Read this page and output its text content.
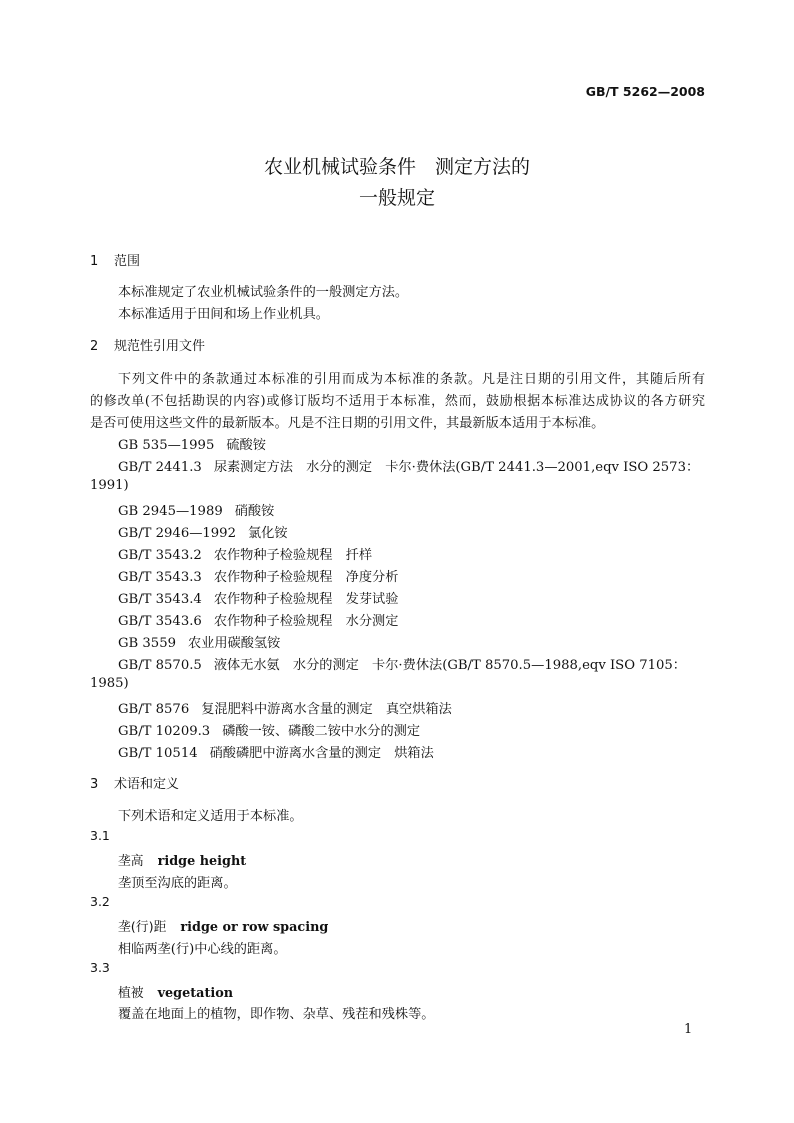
GB/T 5262—2008
农业机械试验条件　测定方法的
一般规定
1 范围
本标准规定了农业机械试验条件的一般测定方法。
本标准适用于田间和场上作业机具。
2 规范性引用文件
下列文件中的条款通过本标准的引用而成为本标准的条款。凡是注日期的引用文件，其随后所有
的修改单(不包括勘误的内容)或修订版均不适用于本标准，然而，鼓励根据本标准达成协议的各方研究
是否可使用这些文件的最新版本。凡是不注日期的引用文件，其最新版本适用于本标准。
GB 535—1995 硫酸铵
GB/T 2441.3 尿素测定方法　水分的测定　卡尔·费休法(GB/T 2441.3—2001,eqv ISO 2573：
1991)
GB 2945—1989 硝酸铵
GB/T 2946—1992 氯化铵
GB/T 3543.2 农作物种子检验规程　扦样
GB/T 3543.3 农作物种子检验规程　净度分析
GB/T 3543.4 农作物种子检验规程　发芽试验
GB/T 3543.6 农作物种子检验规程　水分测定
GB 3559 农业用碳酸氢铵
GB/T 8570.5 液体无水氨　水分的测定　卡尔·费休法(GB/T 8570.5—1988,eqv ISO 7105：
1985)
GB/T 8576 复混肥料中游离水含量的测定　真空烘箱法
GB/T 10209.3 磷酸一铵、磷酸二铵中水分的测定
GB/T 10514 硝酸磷肥中游离水含量的测定　烘箱法
3 术语和定义
下列术语和定义适用于本标准。
3.1
垄高 ridge height
垄顶至沟底的距离。
3.2
垄(行)距 ridge or row spacing
相临两垄(行)中心线的距离。
3.3
植被 vegetation
覆盖在地面上的植物，即作物、杂草、残茬和残株等。
1
